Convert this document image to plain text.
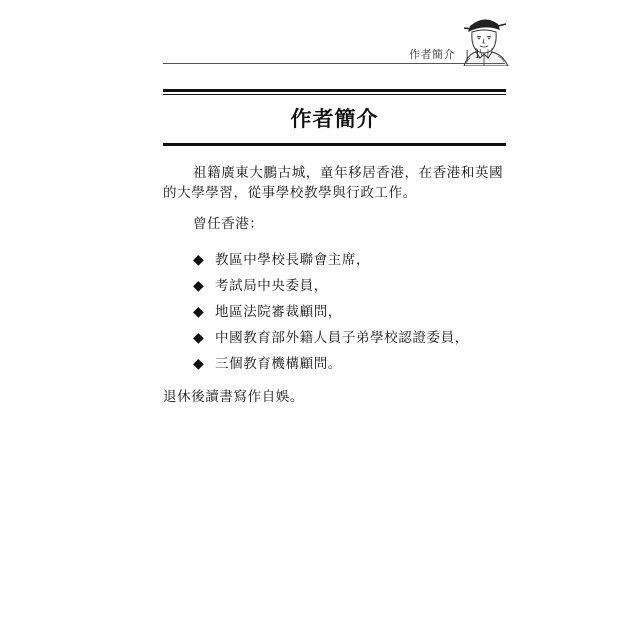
作者簡介 | 1
作者簡介
祖籍廣東大鵬古城，童年移居香港，在香港和英國的大學學習，從事學校教學與行政工作。
曾任香港：
◆ 教區中學校長聯會主席，
◆ 考試局中央委員，
◆ 地區法院審裁顧問，
◆ 中國教育部外籍人員子弟學校認證委員，
◆ 三個教育機構顧問。
退休後讀書寫作自娛。
